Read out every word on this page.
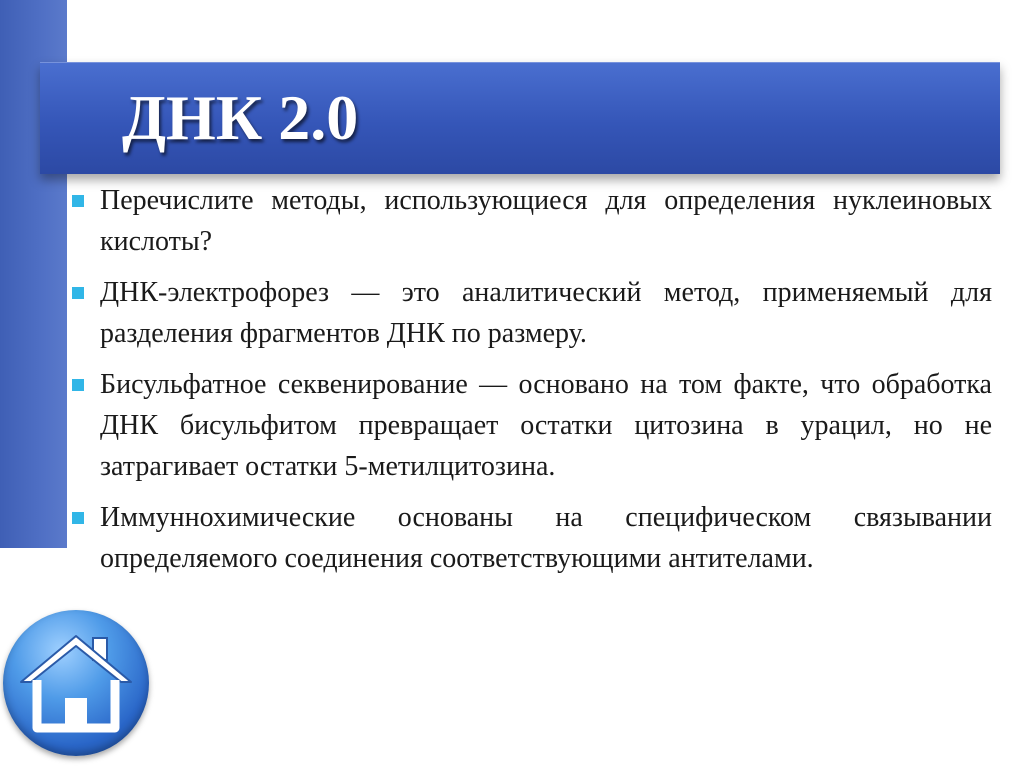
ДНК 2.0

Перечислите методы, использующиеся для определения нуклеиновых кислоты?

ДНК-электрофорез — это аналитический метод, применяемый для разделения фрагментов ДНК по размеру.

Бисульфатное секвенирование — основано на том факте, что обработка ДНК бисульфитом превращает остатки цитозина в урацил, но не затрагивает остатки 5-метилцитозина.

Иммуннохимические основаны на специфическом связывании определяемого соединения соответствующими антителами.
